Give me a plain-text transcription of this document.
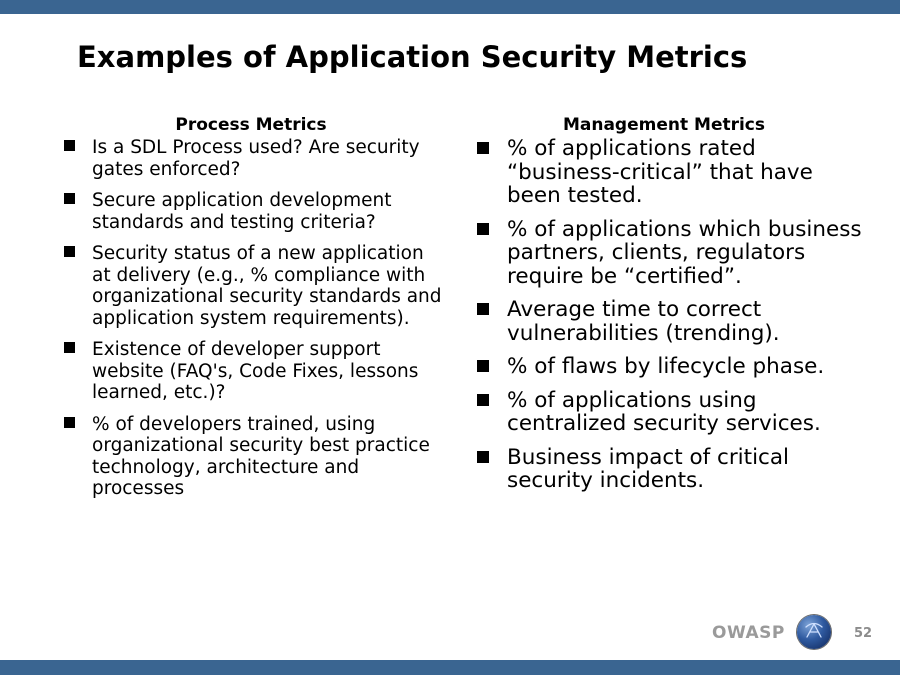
Examples of Application Security Metrics
Process Metrics
Is a SDL Process used? Are security gates enforced?
Secure application development standards and testing criteria?
Security status of a new application at delivery (e.g., % compliance with organizational security standards and application system requirements).
Existence of developer support website (FAQ's, Code Fixes, lessons learned, etc.)?
% of developers trained, using organizational security best practice technology, architecture and processes
Management Metrics
% of applications rated “business-critical” that have been tested.
% of applications which business partners, clients, regulators require be “certified”.
Average time to correct vulnerabilities (trending).
% of flaws by lifecycle phase.
% of applications using centralized security services.
Business impact of critical security incidents.
OWASP	52
